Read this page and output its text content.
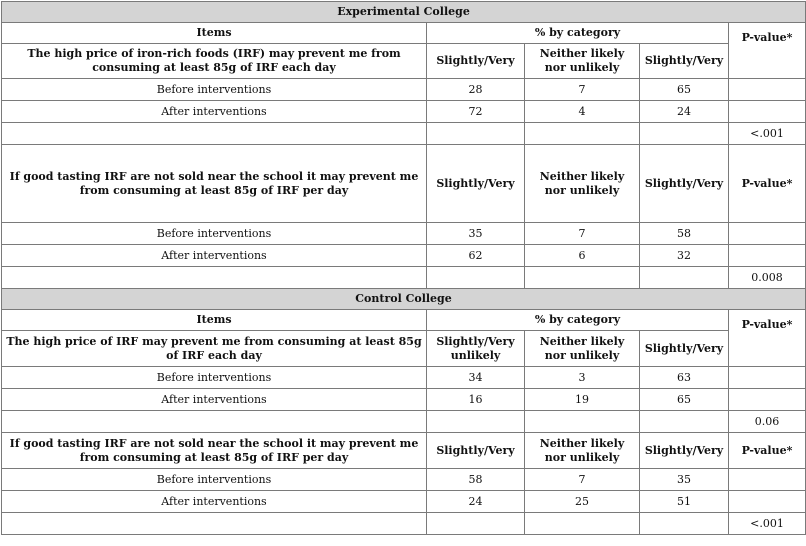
Experimental College				
Items	% by category			P-value*
The high price of iron-rich foods (IRF) may prevent me from consuming at least 85g of IRF each day	Slightly/Very	Neither likely nor unlikely	Slightly/Very	
Before interventions	28	7	65	
After interventions	72	4	24	
				<.001
If good tasting IRF are not sold near the school it may prevent me from consuming at least 85g of IRF per day	Slightly/Very	Neither likely nor unlikely	Slightly/Very	P-value*
Before interventions	35	7	58	
After interventions	62	6	32	
				0.008
Control College				
Items	% by category			P-value*
The high price of IRF may prevent me from consuming at least 85g of IRF each day	Slightly/Very unlikely	Neither likely nor unlikely	Slightly/Very	
Before interventions	34	3	63	
After interventions	16	19	65	
				0.06
If good tasting IRF are not sold near the school it may prevent me from consuming at least 85g of IRF per day	Slightly/Very	Neither likely nor unlikely	Slightly/Very	P-value*
Before interventions	58	7	35	
After interventions	24	25	51	
				<.001
